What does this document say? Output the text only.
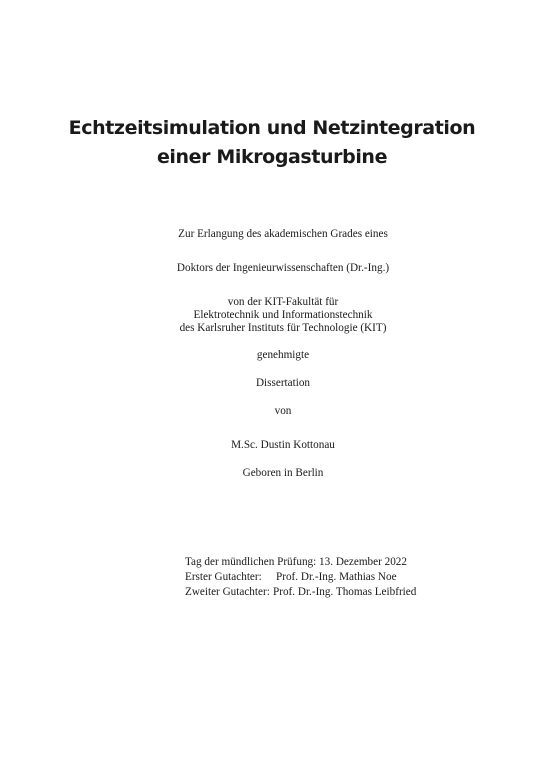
Echtzeitsimulation und Netzintegration
einer Mikrogasturbine

Zur Erlangung des akademischen Grades eines

Doktors der Ingenieurwissenschaften (Dr.-Ing.)

von der KIT-Fakultät für

Elektrotechnik und Informationstechnik

des Karlsruher Instituts für Technologie (KIT)

genehmigte

Dissertation

von

M.Sc. Dustin Kottonau

Geboren in Berlin

Tag der mündlichen Prüfung: 13. Dezember 2022

Erster Gutachter: Prof. Dr.-Ing. Mathias Noe

Zweiter Gutachter: Prof. Dr.-Ing. Thomas Leibfried
